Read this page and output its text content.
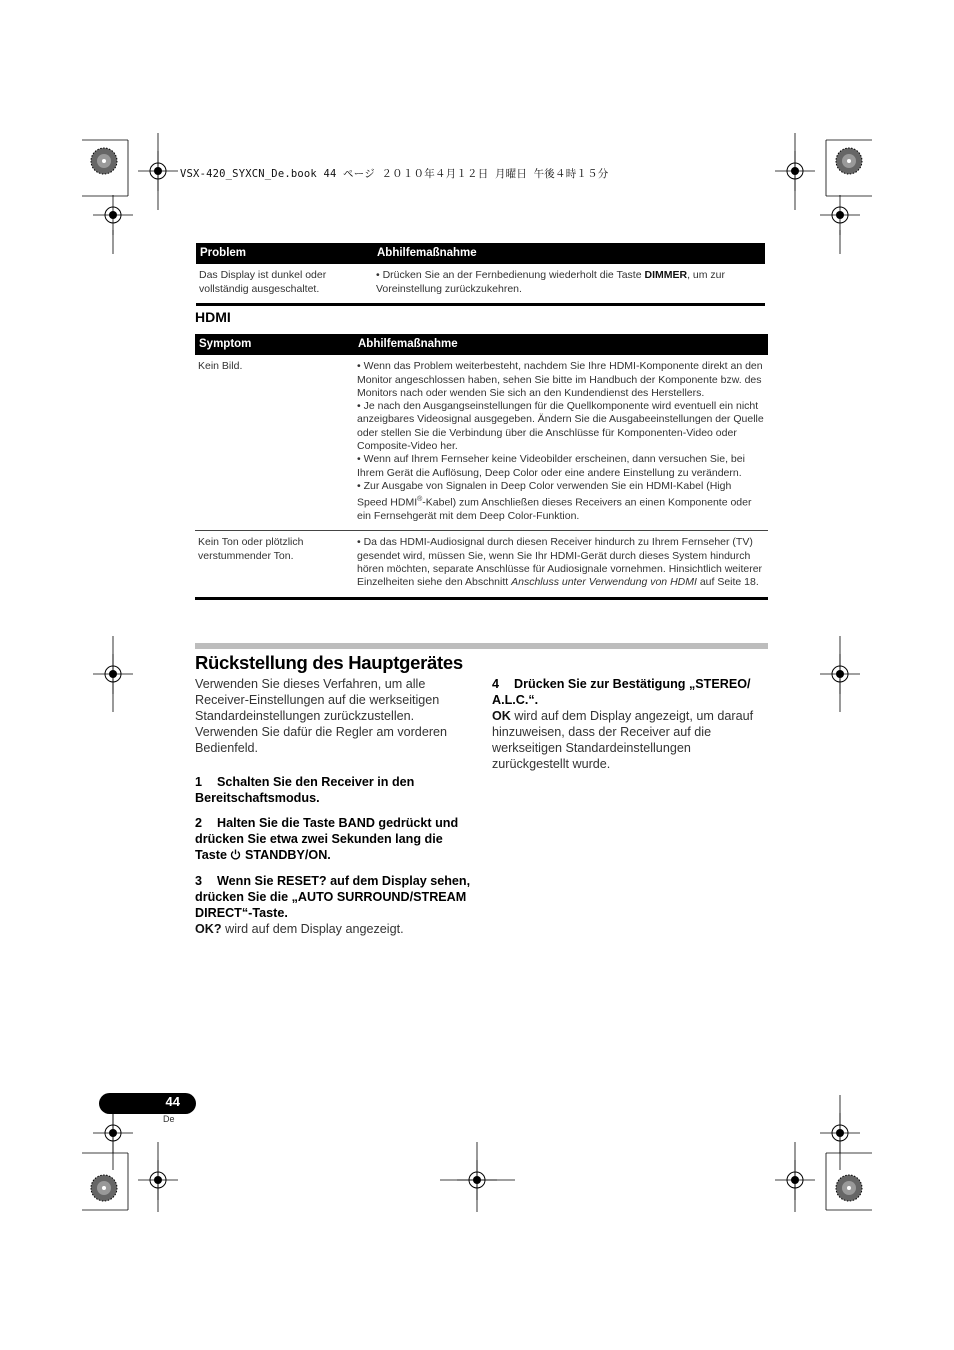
VSX-420_SYXCN_De.book 44 ページ ２０１０年４月１２日 月曜日 午後４時１５分
Problem	Abhilfemaßnahme
Das Display ist dunkel oder vollständig ausgeschaltet.	• Drücken Sie an der Fernbedienung wiederholt die Taste DIMMER, um zur Voreinstellung zurückzukehren.
HDMI
Symptom	Abhilfemaßnahme
Kein Bild.	• Wenn das Problem weiterbesteht, nachdem Sie Ihre HDMI-Komponente direkt an den Monitor angeschlossen haben, sehen Sie bitte im Handbuch der Komponente bzw. des Monitors nach oder wenden Sie sich an den Kundendienst des Herstellers.
• Je nach den Ausgangseinstellungen für die Quellkomponente wird eventuell ein nicht anzeigbares Videosignal ausgegeben. Ändern Sie die Ausgabeeinstellungen der Quelle oder stellen Sie die Verbindung über die Anschlüsse für Komponenten-Video oder Composite-Video her.
• Wenn auf Ihrem Fernseher keine Videobilder erscheinen, dann versuchen Sie, bei Ihrem Gerät die Auflösung, Deep Color oder eine andere Einstellung zu verändern.
• Zur Ausgabe von Signalen in Deep Color verwenden Sie ein HDMI-Kabel (High Speed HDMI®-Kabel) zum Anschließen dieses Receivers an einen Komponente oder ein Fernsehgerät mit dem Deep Color-Funktion.

Kein Ton oder plötzlich verstummender Ton.	• Da das HDMI-Audiosignal durch diesen Receiver hindurch zu Ihrem Fernseher (TV) gesendet wird, müssen Sie, wenn Sie Ihr HDMI-Gerät durch dieses System hindurch hören möchten, separate Anschlüsse für Audiosignale vornehmen. Hinsichtlich weiterer Einzelheiten siehe den Abschnitt Anschluss unter Verwendung von HDMI auf Seite 18.
Rückstellung des Hauptgerätes
Verwenden Sie dieses Verfahren, um alle Receiver-Einstellungen auf die werkseitigen Standardeinstellungen zurückzustellen. Verwenden Sie dafür die Regler am vorderen Bedienfeld.
1 Schalten Sie den Receiver in den Bereitschaftsmodus.
2 Halten Sie die Taste BAND gedrückt und drücken Sie etwa zwei Sekunden lang die Taste  STANDBY/ON.
3 Wenn Sie RESET? auf dem Display sehen, drücken Sie die „AUTO SURROUND/STREAM DIRECT“-Taste.
OK? wird auf dem Display angezeigt.
4 Drücken Sie zur Bestätigung „STEREO/ A.L.C.“.
OK wird auf dem Display angezeigt, um darauf hinzuweisen, dass der Receiver auf die werkseitigen Standardeinstellungen zurückgestellt wurde.
44
De
